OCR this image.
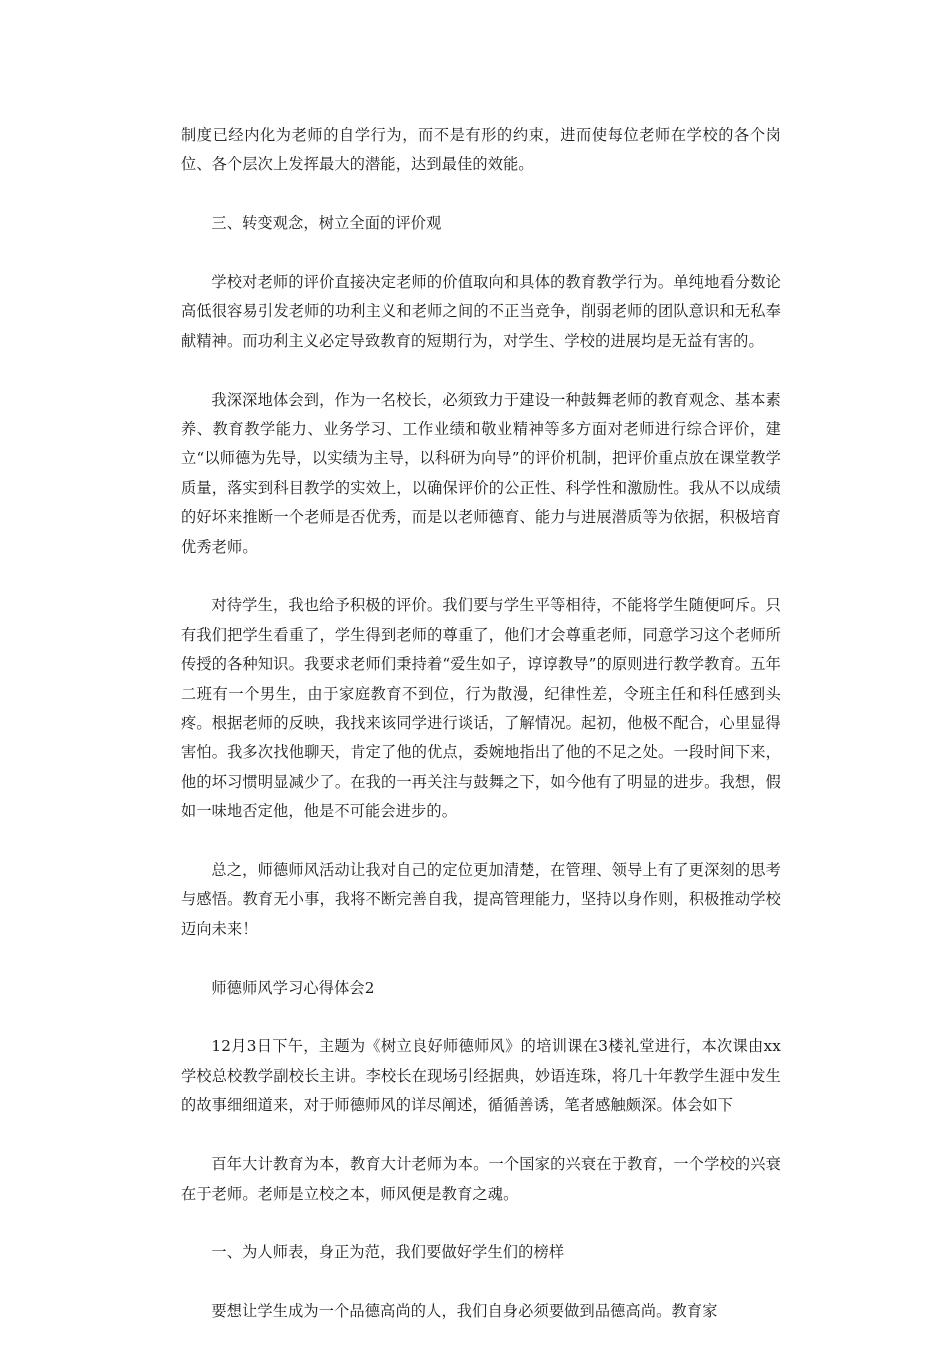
制度已经内化为老师的自学行为，而不是有形的约束，进而使每位老师在学校的各个岗位、各个层次上发挥最大的潜能，达到最佳的效能。

三、转变观念，树立全面的评价观

学校对老师的评价直接决定老师的价值取向和具体的教育教学行为。单纯地看分数论高低很容易引发老师的功利主义和老师之间的不正当竞争，削弱老师的团队意识和无私奉献精神。而功利主义必定导致教育的短期行为，对学生、学校的进展均是无益有害的。

我深深地体会到，作为一名校长，必须致力于建设一种鼓舞老师的教育观念、基本素养、教育教学能力、业务学习、工作业绩和敬业精神等多方面对老师进行综合评价，建立“以师德为先导，以实绩为主导，以科研为向导”的评价机制，把评价重点放在课堂教学质量，落实到科目教学的实效上，以确保评价的公正性、科学性和激励性。我从不以成绩的好坏来推断一个老师是否优秀，而是以老师德育、能力与进展潜质等为依据，积极培育优秀老师。

对待学生，我也给予积极的评价。我们要与学生平等相待，不能将学生随便呵斥。只有我们把学生看重了，学生得到老师的尊重了，他们才会尊重老师，同意学习这个老师所传授的各种知识。我要求老师们秉持着“爱生如子，谆谆教导”的原则进行教学教育。五年二班有一个男生，由于家庭教育不到位，行为散漫，纪律性差，令班主任和科任感到头疼。根据老师的反映，我找来该同学进行谈话，了解情况。起初，他极不配合，心里显得害怕。我多次找他聊天，肯定了他的优点，委婉地指出了他的不足之处。一段时间下来，他的坏习惯明显减少了。在我的一再关注与鼓舞之下，如今他有了明显的进步。我想，假如一味地否定他，他是不可能会进步的。

总之，师德师风活动让我对自己的定位更加清楚，在管理、领导上有了更深刻的思考与感悟。教育无小事，我将不断完善自我，提高管理能力，坚持以身作则，积极推动学校迈向未来！

师德师风学习心得体会2

12月3日下午，主题为《树立良好师德师风》的培训课在3楼礼堂进行，本次课由xx学校总校教学副校长主讲。李校长在现场引经据典，妙语连珠，将几十年教学生涯中发生的故事细细道来，对于师德师风的详尽阐述，循循善诱，笔者感触颇深。体会如下

百年大计教育为本，教育大计老师为本。一个国家的兴衰在于教育，一个学校的兴衰在于老师。老师是立校之本，师风便是教育之魂。

一、为人师表，身正为范，我们要做好学生们的榜样

要想让学生成为一个品德高尚的人，我们自身必须要做到品德高尚。教育家
